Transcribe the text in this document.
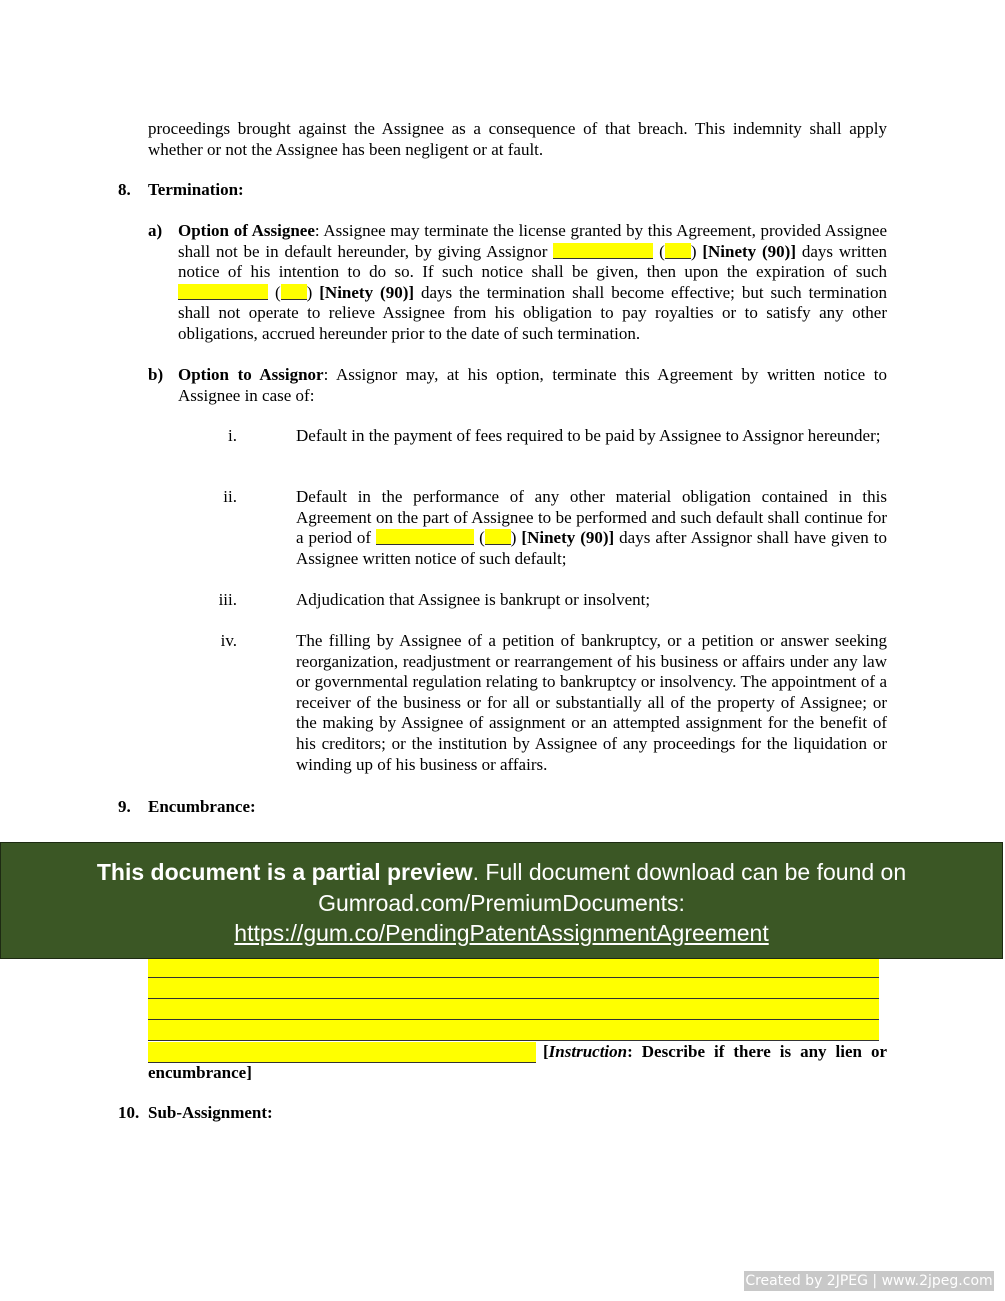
proceedings brought against the Assignee as a consequence of that breach. This indemnity shall apply whether or not the Assignee has been negligent or at fault.
8. Termination:
a) Option of Assignee: Assignee may terminate the license granted by this Agreement, provided Assignee shall not be in default hereunder, by giving Assignor	( ) [Ninety (90)] days written notice of his intention to do so. If such notice shall be given, then upon the expiration of such  ( ) [Ninety (90)] days the termination shall become effective; but such termination shall not operate to relieve Assignee from his obligation to pay royalties or to satisfy any other obligations, accrued hereunder prior to the date of such termination.
b) Option to Assignor: Assignor may, at his option, terminate this Agreement by written notice to Assignee in case of:
i.	Default in the payment of fees required to be paid by Assignee to Assignor hereunder;
ii.	Default in the performance of any other material obligation contained in this Agreement on the part of Assignee to be performed and such default shall continue for a period of	( ) [Ninety (90)] days after Assignor shall have given to Assignee written notice of such default;
iii.	Adjudication that Assignee is bankrupt or insolvent;
iv.	The filling by Assignee of a petition of bankruptcy, or a petition or answer seeking reorganization, readjustment or rearrangement of his business or affairs under any law or governmental regulation relating to bankruptcy or insolvency. The appointment of a receiver of the business or for all or substantially all of the property of Assignee; or the making by Assignee of assignment or an attempted assignment for the benefit of his creditors; or the institution by Assignee of any proceedings for the liquidation or winding up of his business or affairs.
9. Encumbrance:
[Instruction: Describe if there is any lien or encumbrance]
10. Sub-Assignment:
This document is a partial preview. Full document download can be found on Gumroad.com/PremiumDocuments:
https://gum.co/PendingPatentAssignmentAgreement
Created by 2JPEG | www.2jpeg.com
